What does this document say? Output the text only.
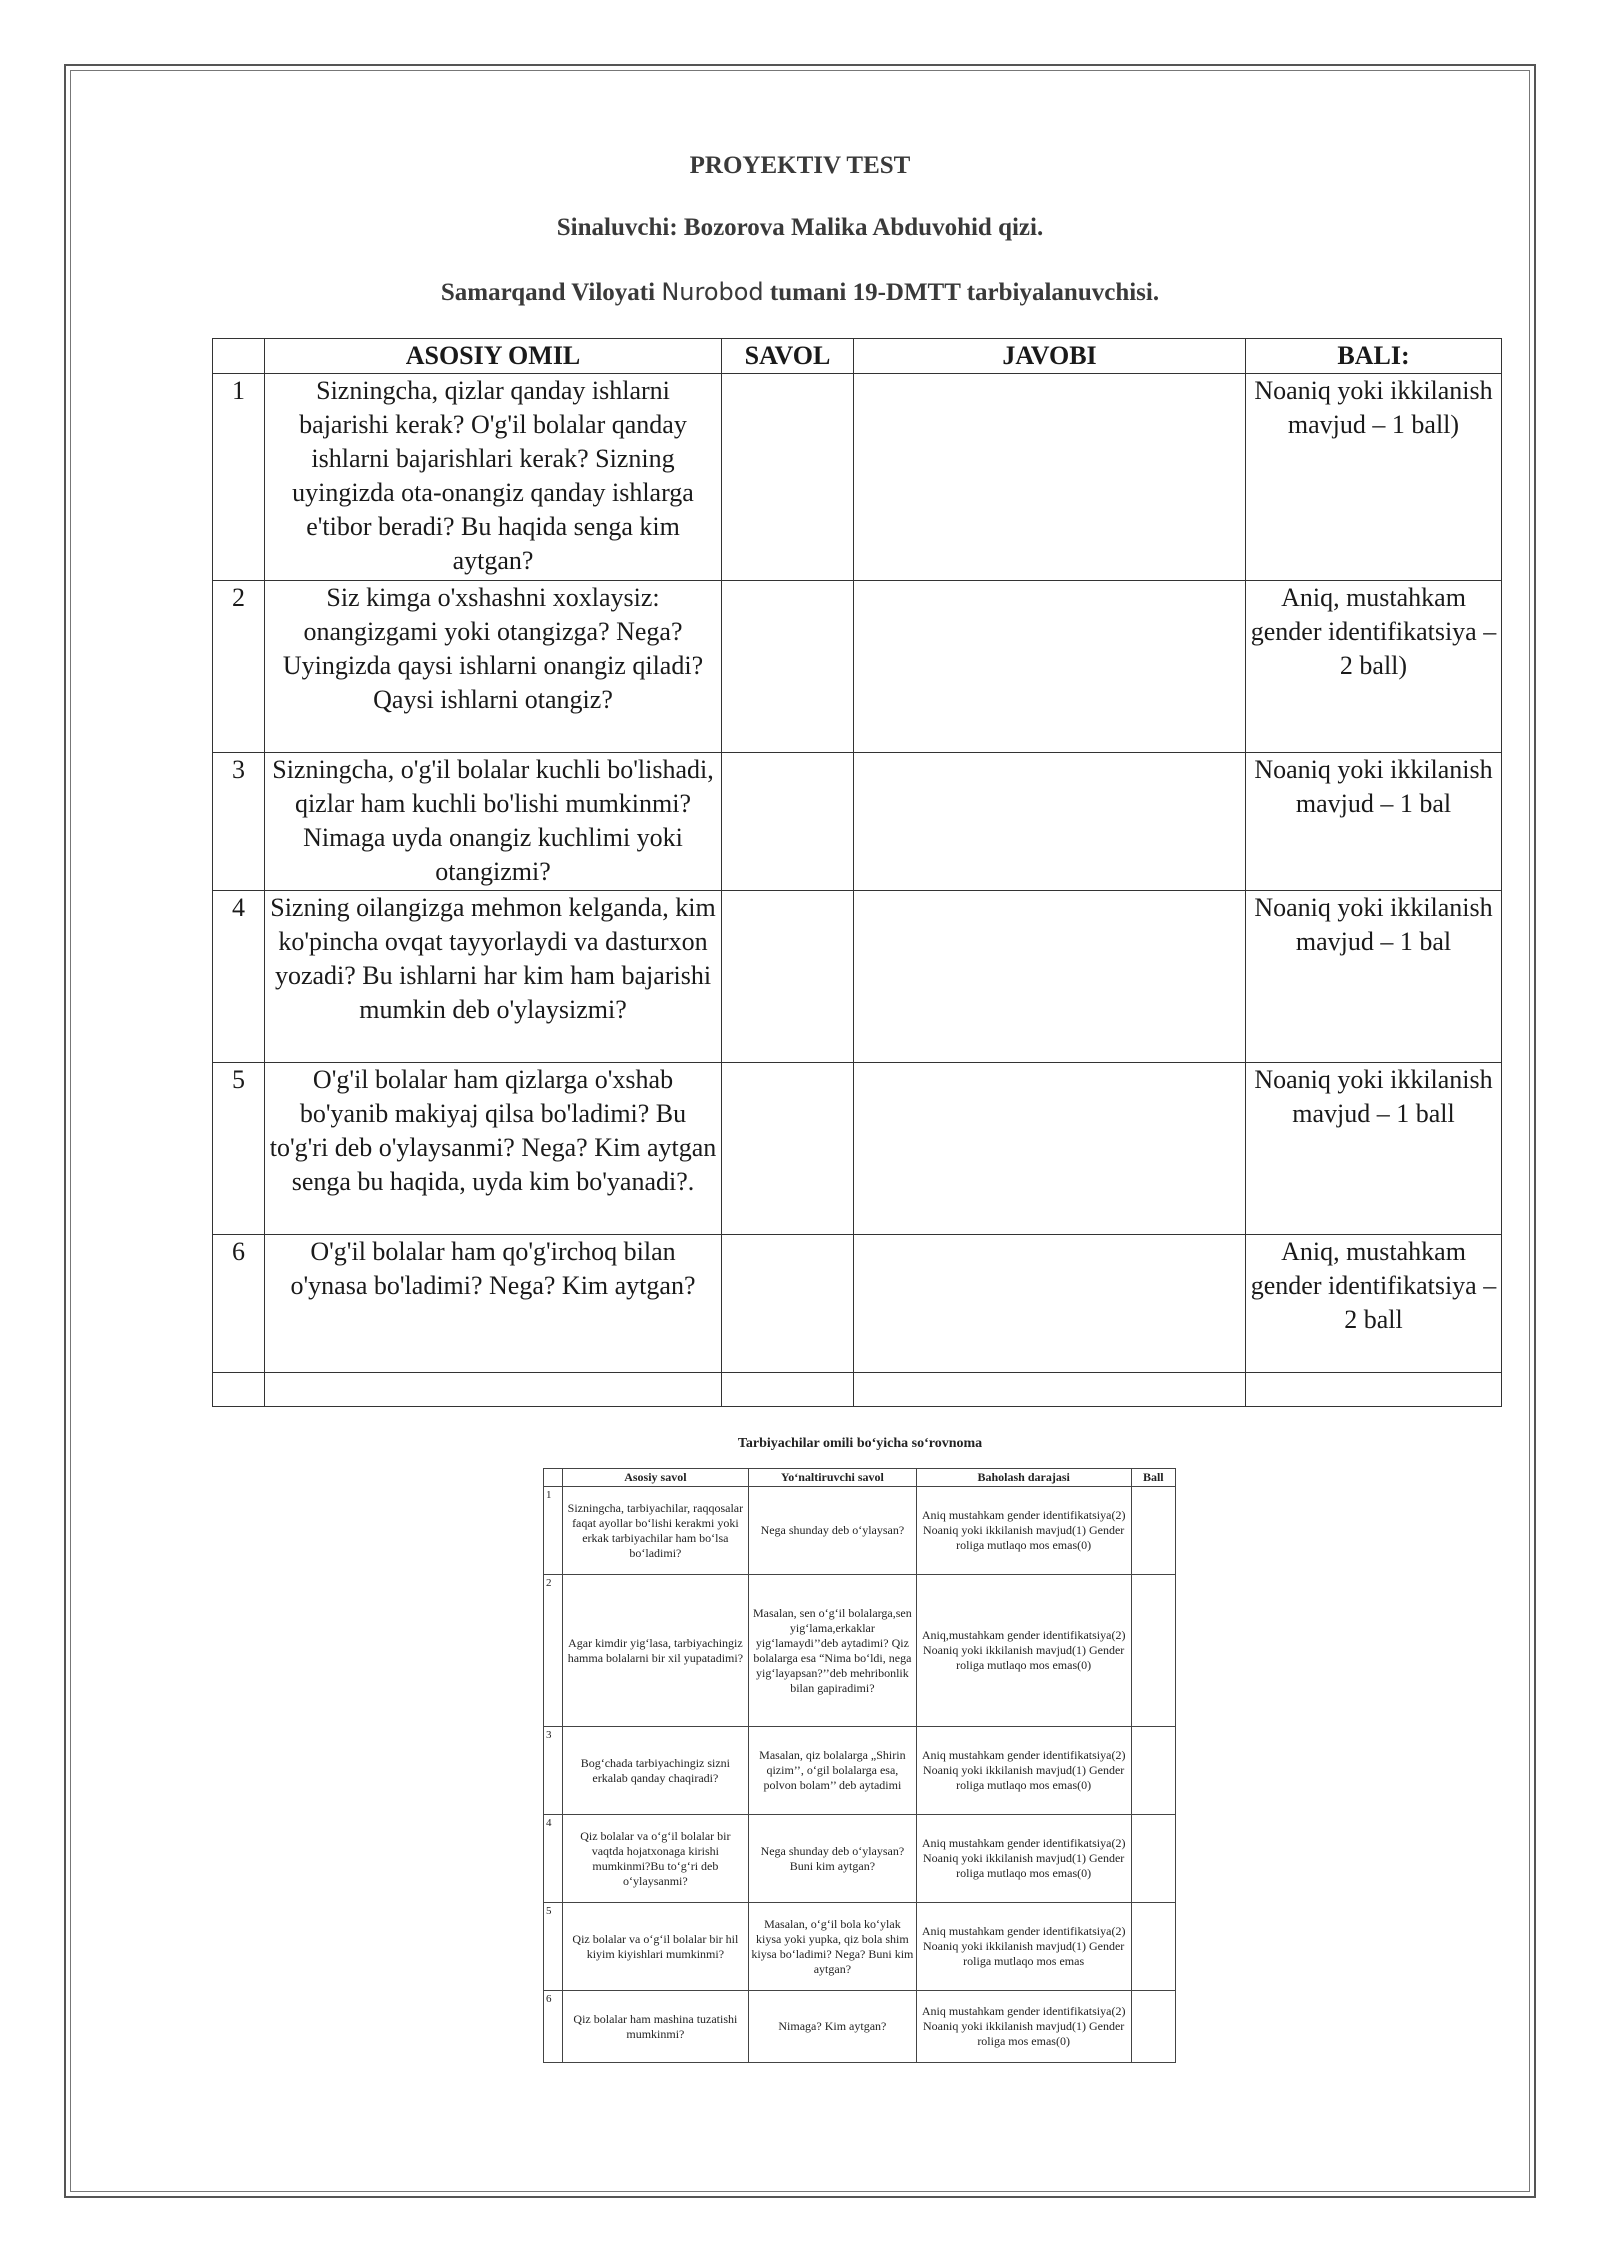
PROYEKTIV TEST
Sinaluvchi: Bozorova Malika Abduvohid qizi.
Samarqand Viloyati Nurobod tumani 19-DMTT tarbiyalanuvchisi.
	ASOSIY OMIL	SAVOL	JAVOBI	BALI:
1	Sizningcha, qizlar qanday ishlarni bajarishi kerak? O'g'il bolalar qanday ishlarni bajarishlari kerak? Sizning uyingizda ota-onangiz qanday ishlarga e'tibor beradi? Bu haqida senga kim aytgan?			Noaniq yoki ikkilanish mavjud – 1 ball)
2	Siz kimga o'xshashni xoxlaysiz: onangizgami yoki otangizga? Nega? Uyingizda qaysi ishlarni onangiz qiladi? Qaysi ishlarni otangiz?			Aniq, mustahkam gender identifikatsiya – 2 ball)
3	Sizningcha, o'g'il bolalar kuchli bo'lishadi, qizlar ham kuchli bo'lishi mumkinmi? Nimaga uyda onangiz kuchlimi yoki otangizmi?			Noaniq yoki ikkilanish mavjud – 1 bal
4	Sizning oilangizga mehmon kelganda, kim ko'pincha ovqat tayyorlaydi va dasturxon yozadi? Bu ishlarni har kim ham bajarishi mumkin deb o'ylaysizmi?			Noaniq yoki ikkilanish mavjud – 1 bal
5	O'g'il bolalar ham qizlarga o'xshab bo'yanib makiyaj qilsa bo'ladimi? Bu to'g'ri deb o'ylaysanmi? Nega? Kim aytgan senga bu haqida, uyda kim bo'yanadi?.			Noaniq yoki ikkilanish mavjud – 1 ball
6	O'g'il bolalar ham qo'g'irchoq bilan o'ynasa bo'ladimi? Nega? Kim aytgan?			Aniq, mustahkam gender identifikatsiya – 2 ball

Tarbiyachilar omili bo‘yicha so‘rovnoma
	Asosiy savol	Yo‘naltiruvchi savol	Baholash darajasi	Ball
1	Sizningcha, tarbiyachilar, raqqosalar faqat ayollar bo‘lishi kerakmi yoki erkak tarbiyachilar ham bo‘lsa bo‘ladimi?	Nega shunday deb o‘ylaysan?	Aniq mustahkam gender identifikatsiya(2) Noaniq yoki ikkilanish mavjud(1) Gender roliga mutlaqo mos emas(0)	
2	Agar kimdir yig‘lasa, tarbiyachingiz hamma bolalarni bir xil yupatadimi?	Masalan, sen o‘g‘il bolalarga,sen yig‘lama,erkaklar yig‘lamaydi’’deb aytadimi? Qiz bolalarga esa “Nima bo‘ldi, nega yig‘layapsan?’’deb mehribonlik bilan gapiradimi?	Aniq,mustahkam gender identifikatsiya(2) Noaniq yoki ikkilanish mavjud(1) Gender roliga mutlaqo mos emas(0)	
3	Bog‘chada tarbiyachingiz sizni erkalab qanday chaqiradi?	Masalan, qiz bolalarga „Shirin qizim’’, o‘gil bolalarga esa, polvon bolam’’ deb aytadimi	Aniq mustahkam gender identifikatsiya(2) Noaniq yoki ikkilanish mavjud(1) Gender roliga mutlaqo mos emas(0)	
4	Qiz bolalar va o‘g‘il bolalar bir vaqtda hojatxonaga kirishi mumkinmi?Bu to‘g‘ri deb o‘ylaysanmi?	Nega shunday deb o‘ylaysan? Buni kim aytgan?	Aniq mustahkam gender identifikatsiya(2) Noaniq yoki ikkilanish mavjud(1) Gender roliga mutlaqo mos emas(0)	
5	Qiz bolalar va o‘g‘il bolalar bir hil kiyim kiyishlari mumkinmi?	Masalan, o‘g‘il bola ko‘ylak kiysa yoki yupka, qiz bola shim kiysa bo‘ladimi? Nega? Buni kim aytgan?	Aniq mustahkam gender identifikatsiya(2) Noaniq yoki ikkilanish mavjud(1) Gender roliga mutlaqo mos emas	
6	Qiz bolalar ham mashina tuzatishi mumkinmi?	Nimaga? Kim aytgan?	Aniq mustahkam gender identifikatsiya(2) Noaniq yoki ikkilanish mavjud(1) Gender roliga mos emas(0)	
